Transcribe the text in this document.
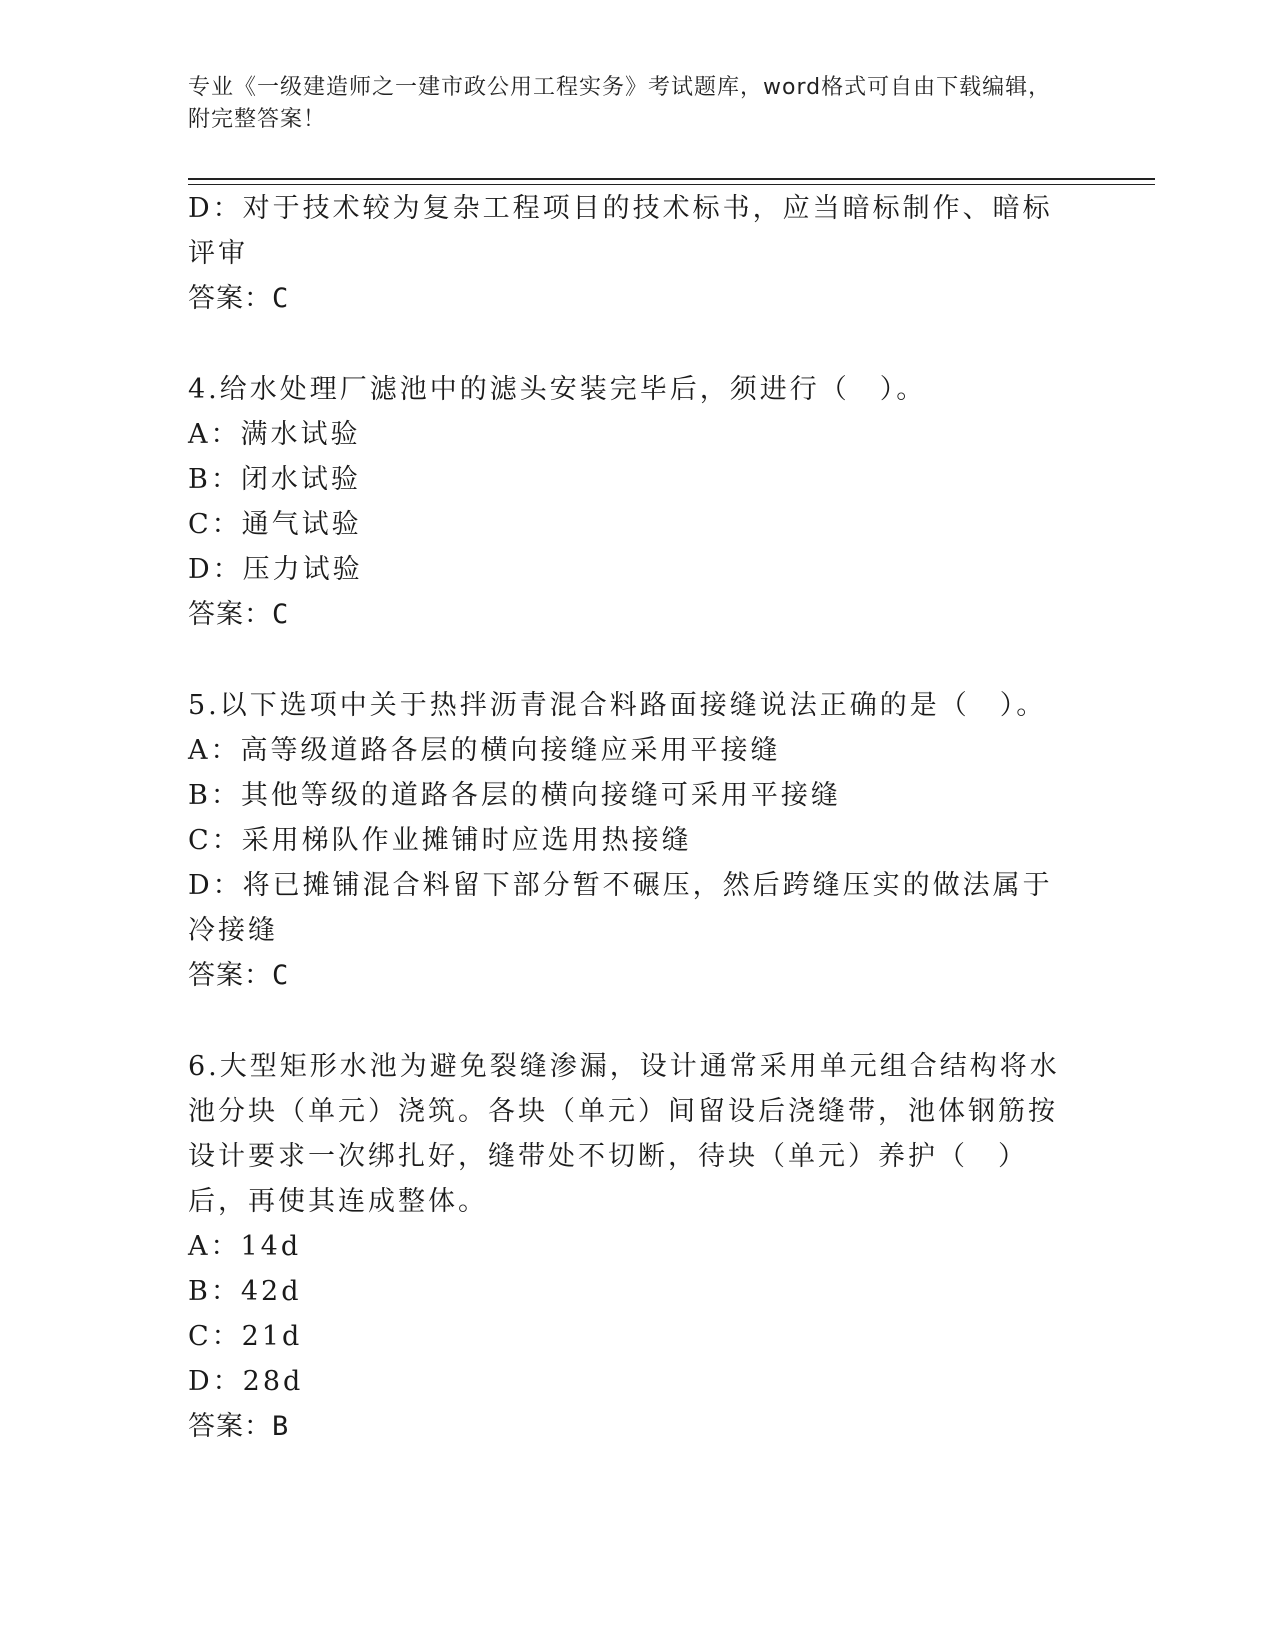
专业《一级建造师之一建市政公用工程实务》考试题库，word格式可自由下载编辑，附完整答案！

D：对于技术较为复杂工程项目的技术标书，应当暗标制作、暗标评审

答案：C

4.给水处理厂滤池中的滤头安装完毕后，须进行（　）。

A：满水试验

B：闭水试验

C：通气试验

D：压力试验

答案：C

5.以下选项中关于热拌沥青混合料路面接缝说法正确的是（　）。

A：高等级道路各层的横向接缝应采用平接缝

B：其他等级的道路各层的横向接缝可采用平接缝

C：采用梯队作业摊铺时应选用热接缝

D：将已摊铺混合料留下部分暂不碾压，然后跨缝压实的做法属于冷接缝

答案：C

6.大型矩形水池为避免裂缝渗漏，设计通常采用单元组合结构将水池分块（单元）浇筑。各块（单元）间留设后浇缝带，池体钢筋按设计要求一次绑扎好，缝带处不切断，待块（单元）养护（　）后，再使其连成整体。

A：14d

B：42d

C：21d

D：28d

答案：B
